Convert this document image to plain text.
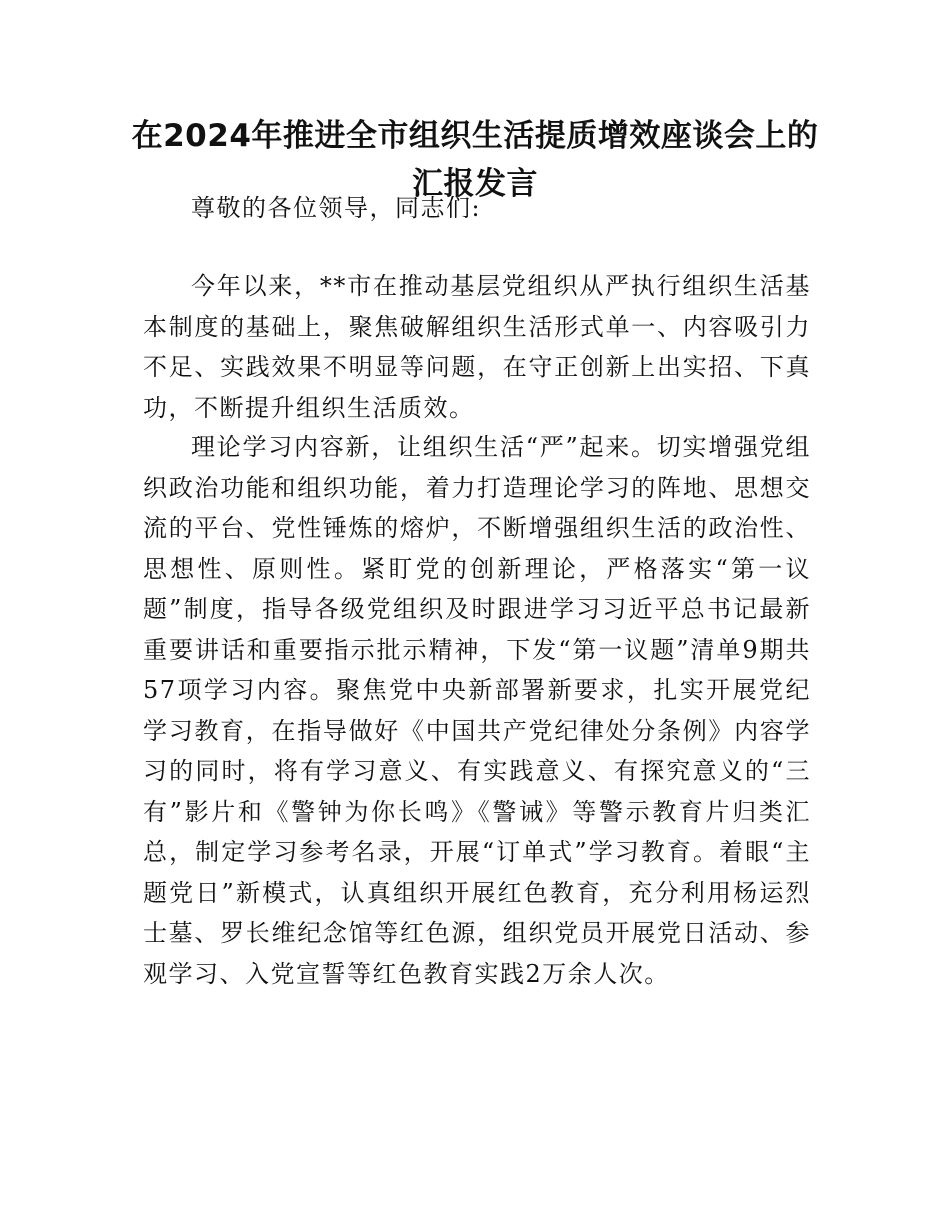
在2024年推进全市组织生活提质增效座谈会上的汇报发言

尊敬的各位领导，同志们:

今年以来，**市在推动基层党组织从严执行组织生活基本制度的基础上，聚焦破解组织生活形式单一、内容吸引力不足、实践效果不明显等问题，在守正创新上出实招、下真功，不断提升组织生活质效。

理论学习内容新，让组织生活“严”起来。切实增强党组织政治功能和组织功能，着力打造理论学习的阵地、思想交流的平台、党性锤炼的熔炉，不断增强组织生活的政治性、思想性、原则性。紧盯党的创新理论，严格落实“第一议题”制度，指导各级党组织及时跟进学习习近平总书记最新重要讲话和重要指示批示精神，下发“第一议题”清单9期共57项学习内容。聚焦党中央新部署新要求，扎实开展党纪学习教育，在指导做好《中国共产党纪律处分条例》内容学习的同时，将有学习意义、有实践意义、有探究意义的“三有”影片和《警钟为你长鸣》《警诫》等警示教育片归类汇总，制定学习参考名录，开展“订单式”学习教育。着眼“主题党日”新模式，认真组织开展红色教育，充分利用杨运烈士墓、罗长维纪念馆等红色源，组织党员开展党日活动、参观学习、入党宣誓等红色教育实践2万余人次。
